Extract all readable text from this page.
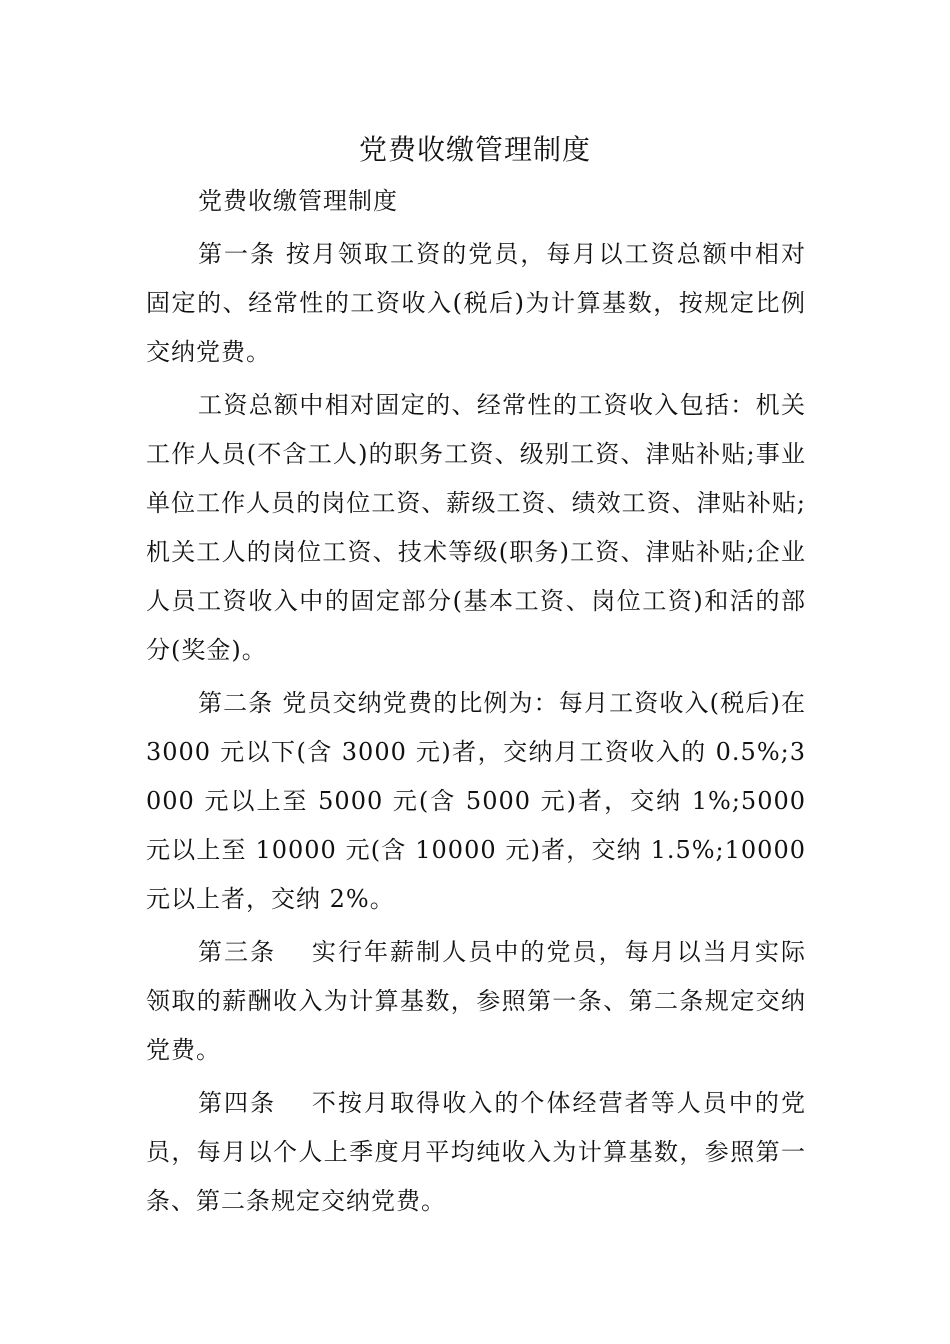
党费收缴管理制度

党费收缴管理制度

第一条 按月领取工资的党员，每月以工资总额中相对固定的、经常性的工资收入(税后)为计算基数，按规定比例交纳党费。

工资总额中相对固定的、经常性的工资收入包括：机关工作人员(不含工人)的职务工资、级别工资、津贴补贴;事业单位工作人员的岗位工资、薪级工资、绩效工资、津贴补贴;机关工人的岗位工资、技术等级(职务)工资、津贴补贴;企业人员工资收入中的固定部分(基本工资、岗位工资)和活的部分(奖金)。

第二条 党员交纳党费的比例为：每月工资收入(税后)在 3000 元以下(含 3000 元)者，交纳月工资收入的 0.5%;3000 元以上至 5000 元(含 5000 元)者，交纳 1%;5000 元以上至 10000 元(含 10000 元)者，交纳 1.5%;10000 元以上者，交纳 2%。

第三条　 实行年薪制人员中的党员，每月以当月实际领取的薪酬收入为计算基数，参照第一条、第二条规定交纳党费。

第四条　 不按月取得收入的个体经营者等人员中的党员，每月以个人上季度月平均纯收入为计算基数，参照第一条、第二条规定交纳党费。
